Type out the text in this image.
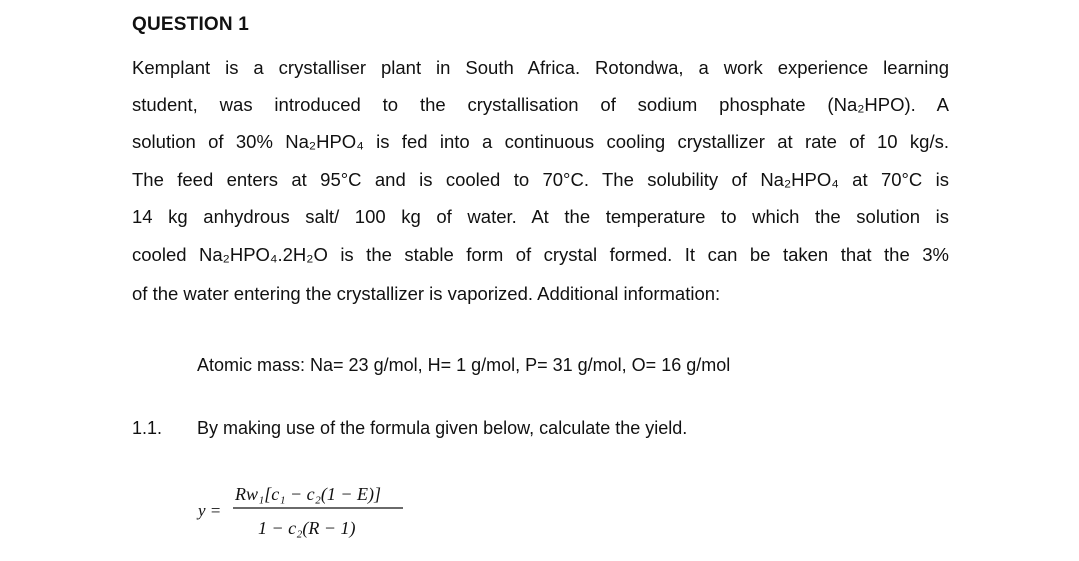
QUESTION 1
Kemplant is a crystalliser plant in South Africa. Rotondwa, a work experience learning
student, was introduced to the crystallisation of sodium phosphate (Na₂HPO). A
solution of 30% Na₂HPO₄ is fed into a continuous cooling crystallizer at rate of 10 kg/s.
The feed enters at 95°C and is cooled to 70°C. The solubility of Na₂HPO₄ at 70°C is
14 kg anhydrous salt/ 100 kg of water. At the temperature to which the solution is
cooled Na₂HPO₄.2H₂O is the stable form of crystal formed. It can be taken that the 3%
of the water entering the crystallizer is vaporized. Additional information:
Atomic mass: Na= 23 g/mol, H= 1 g/mol, P= 31 g/mol, O= 16 g/mol
1.1. By making use of the formula given below, calculate the yield.
y =
Rw₁[c₁ − c₂(1 − E)]
1 − c₂(R − 1)
